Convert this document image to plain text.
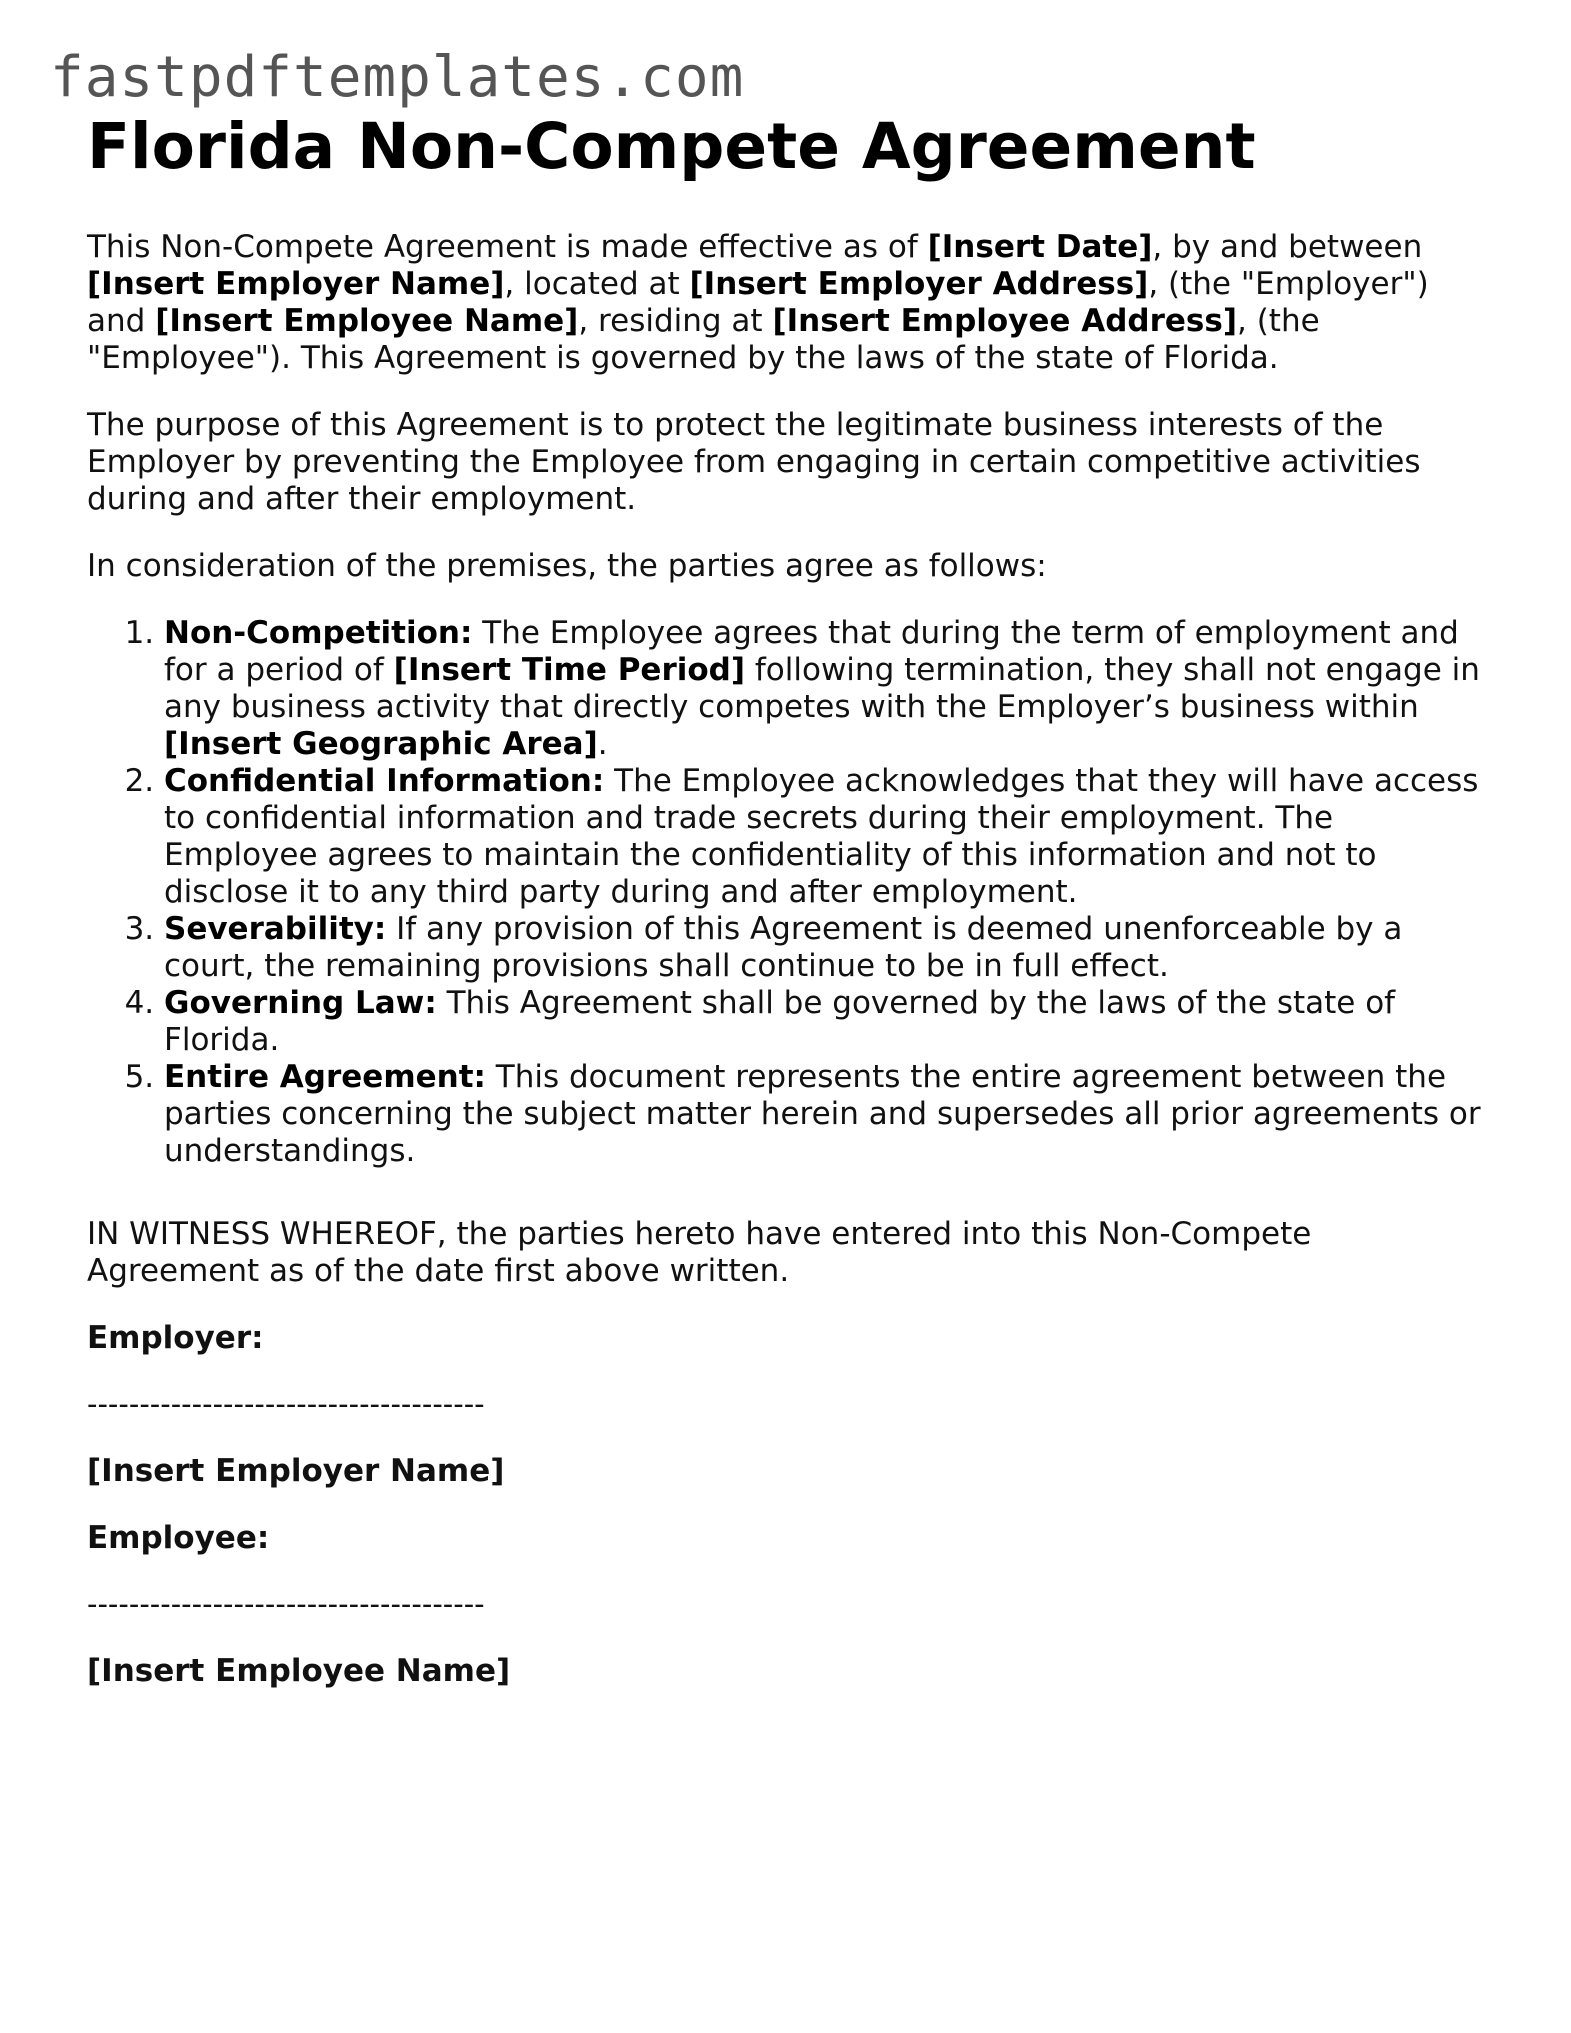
fastpdftemplates.com
Florida Non-Compete Agreement

This Non-Compete Agreement is made effective as of [Insert Date], by and between [Insert Employer Name], located at [Insert Employer Address], (the "Employer") and [Insert Employee Name], residing at [Insert Employee Address], (the "Employee"). This Agreement is governed by the laws of the state of Florida.

The purpose of this Agreement is to protect the legitimate business interests of the Employer by preventing the Employee from engaging in certain competitive activities during and after their employment.

In consideration of the premises, the parties agree as follows:

1. Non-Competition: The Employee agrees that during the term of employment and for a period of [Insert Time Period] following termination, they shall not engage in any business activity that directly competes with the Employer’s business within [Insert Geographic Area].
2. Confidential Information: The Employee acknowledges that they will have access to confidential information and trade secrets during their employment. The Employee agrees to maintain the confidentiality of this information and not to disclose it to any third party during and after employment.
3. Severability: If any provision of this Agreement is deemed unenforceable by a court, the remaining provisions shall continue to be in full effect.
4. Governing Law: This Agreement shall be governed by the laws of the state of Florida.
5. Entire Agreement: This document represents the entire agreement between the parties concerning the subject matter herein and supersedes all prior agreements or understandings.

IN WITNESS WHEREOF, the parties hereto have entered into this Non-Compete Agreement as of the date first above written.

Employer:

--------------------------------------

[Insert Employer Name]

Employee:

--------------------------------------

[Insert Employee Name]
